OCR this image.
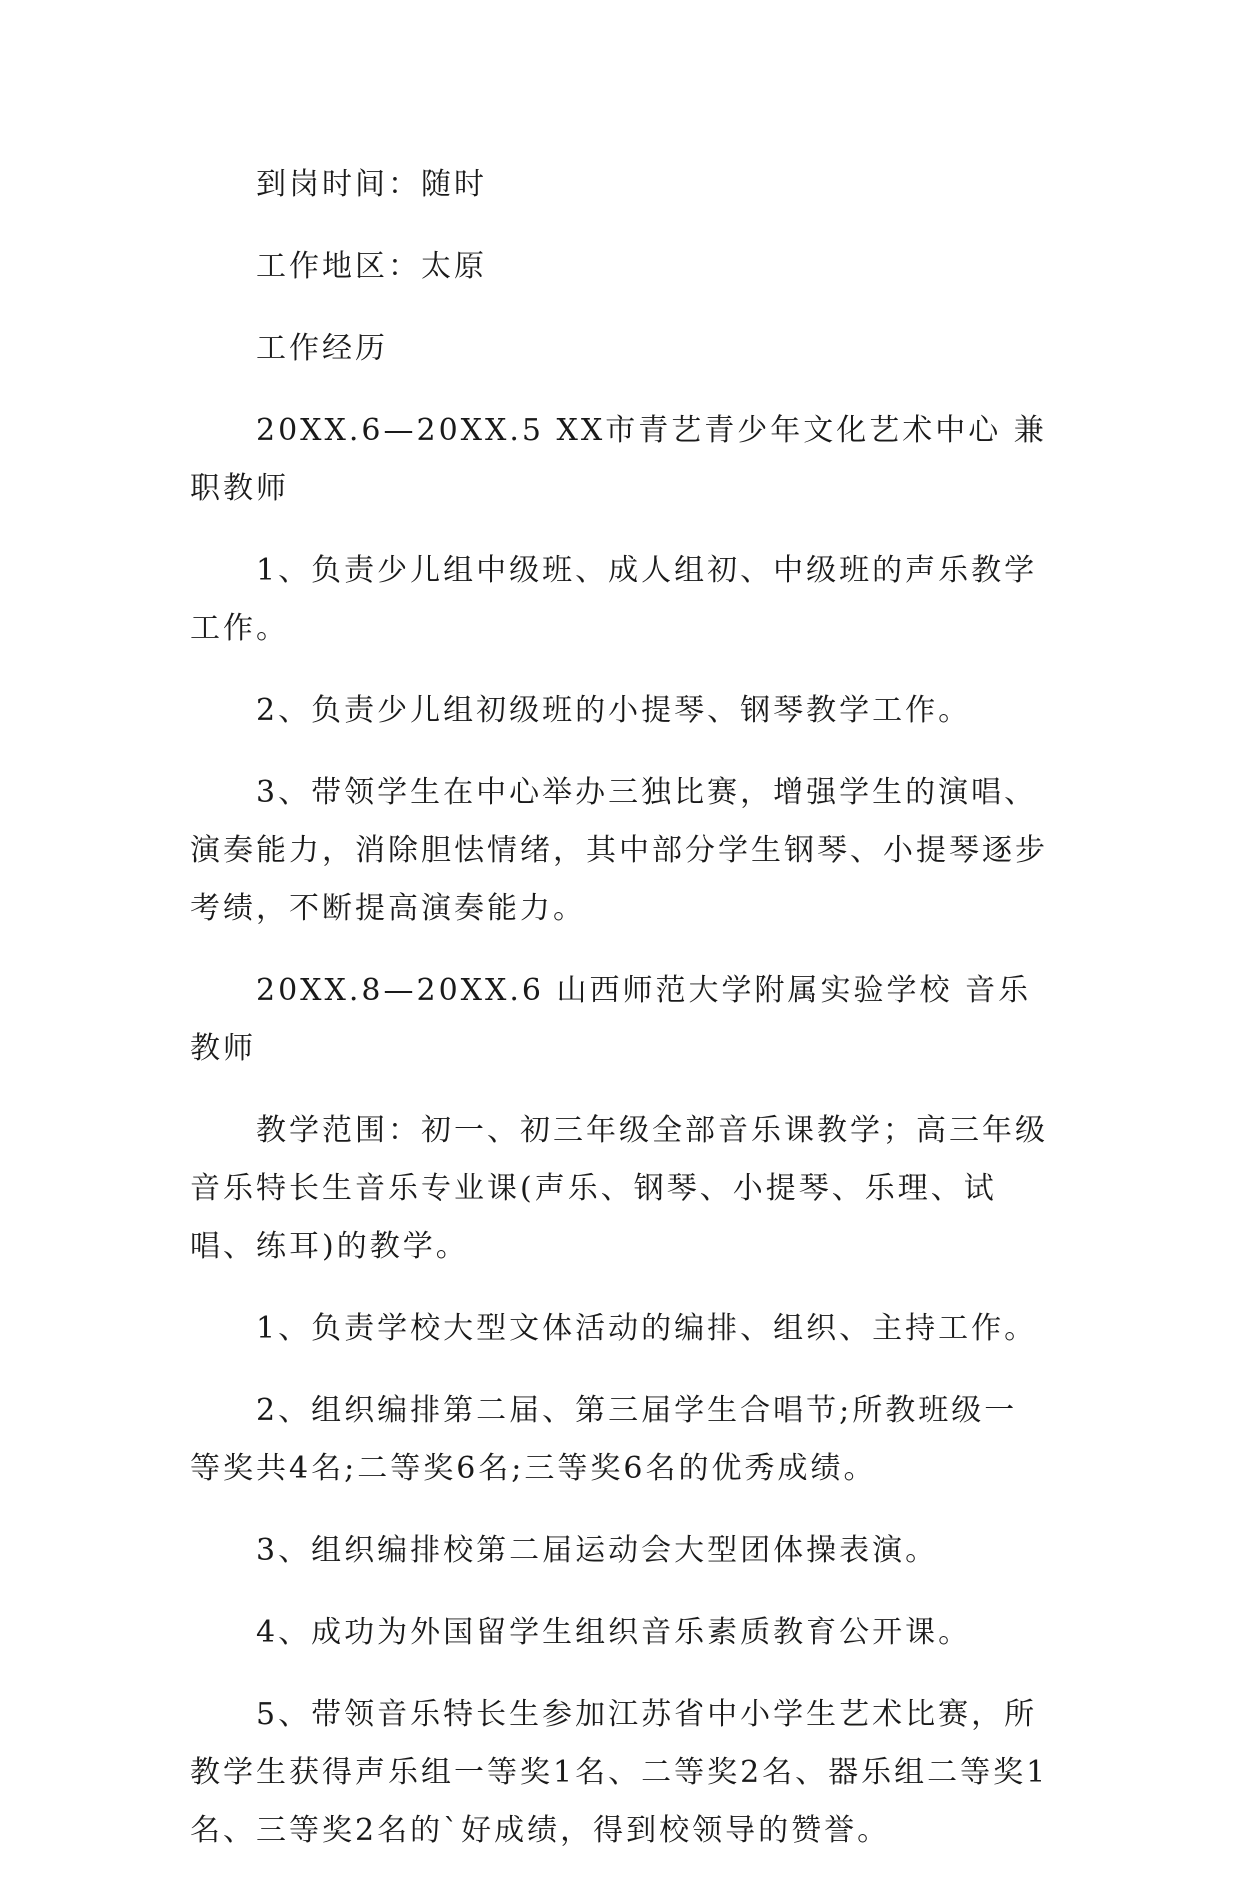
到岗时间：随时

工作地区：太原

工作经历

20XX.6—20XX.5 XX市青艺青少年文化艺术中心 兼职教师

1、负责少儿组中级班、成人组初、中级班的声乐教学工作。

2、负责少儿组初级班的小提琴、钢琴教学工作。

3、带领学生在中心举办三独比赛，增强学生的演唱、演奏能力，消除胆怯情绪，其中部分学生钢琴、小提琴逐步考绩，不断提高演奏能力。

20XX.8—20XX.6 山西师范大学附属实验学校 音乐教师

教学范围：初一、初三年级全部音乐课教学；高三年级音乐特长生音乐专业课(声乐、钢琴、小提琴、乐理、试唱、练耳)的教学。

1、负责学校大型文体活动的编排、组织、主持工作。

2、组织编排第二届、第三届学生合唱节;所教班级一等奖共4名;二等奖6名;三等奖6名的优秀成绩。

3、组织编排校第二届运动会大型团体操表演。

4、成功为外国留学生组织音乐素质教育公开课。

5、带领音乐特长生参加江苏省中小学生艺术比赛，所教学生获得声乐组一等奖1名、二等奖2名、器乐组二等奖1名、三等奖2名的`好成绩，得到校领导的赞誉。
